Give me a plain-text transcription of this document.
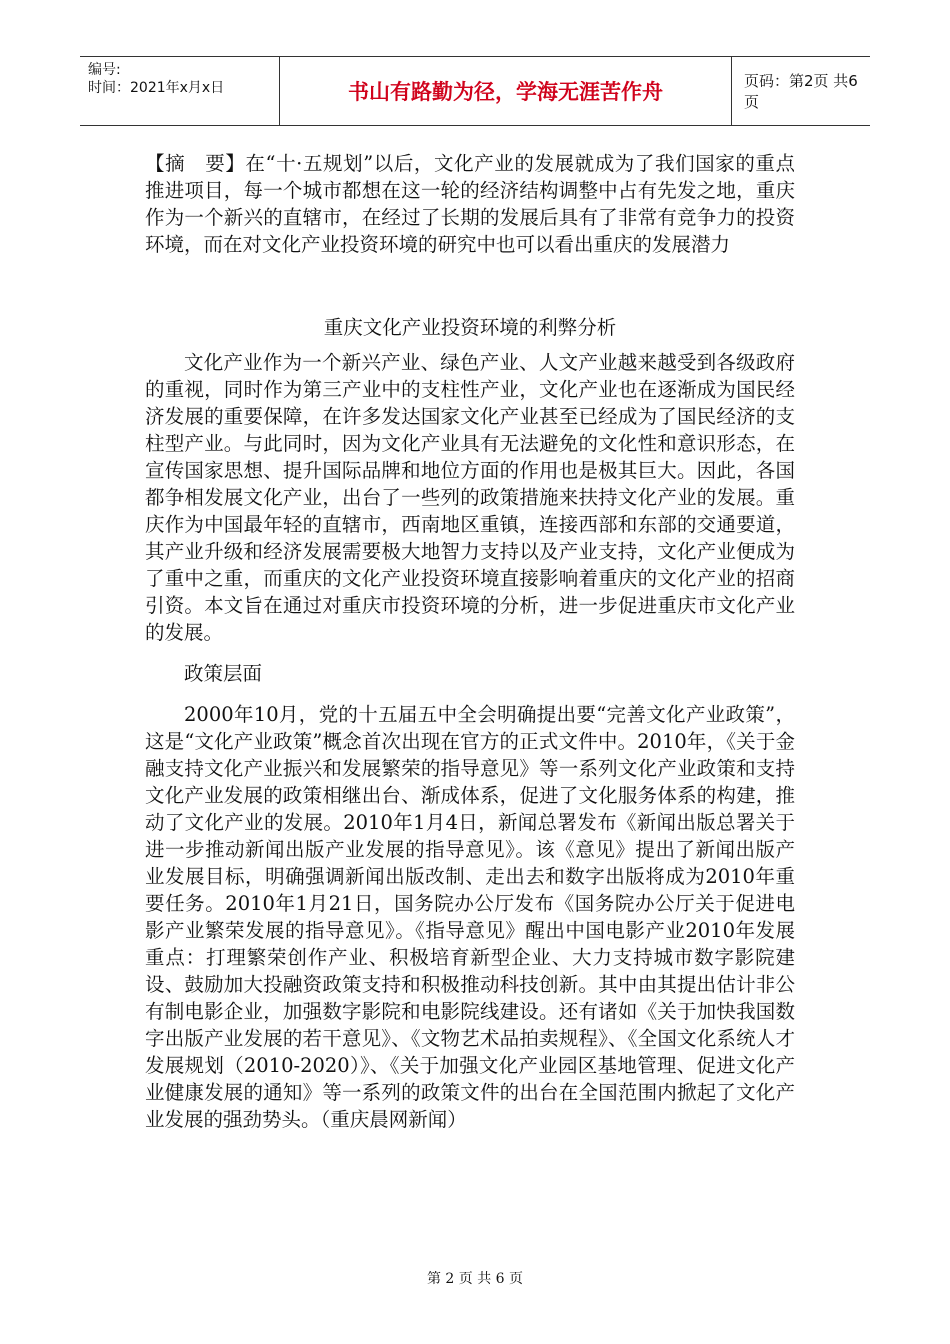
编号:
时间：2021年x月x日	书山有路勤为径，学海无涯苦作舟	页码：第2页 共6页

【摘　要】在“十·五规划”以后，文化产业的发展就成为了我们国家的重点推进项目，每一个城市都想在这一轮的经济结构调整中占有先发之地，重庆作为一个新兴的直辖市，在经过了长期的发展后具有了非常有竞争力的投资环境，而在对文化产业投资环境的研究中也可以看出重庆的发展潜力

重庆文化产业投资环境的利弊分析

文化产业作为一个新兴产业、绿色产业、人文产业越来越受到各级政府的重视，同时作为第三产业中的支柱性产业，文化产业也在逐渐成为国民经济发展的重要保障，在许多发达国家文化产业甚至已经成为了国民经济的支柱型产业。与此同时，因为文化产业具有无法避免的文化性和意识形态，在宣传国家思想、提升国际品牌和地位方面的作用也是极其巨大。因此，各国都争相发展文化产业，出台了一些列的政策措施来扶持文化产业的发展。重庆作为中国最年轻的直辖市，西南地区重镇，连接西部和东部的交通要道，其产业升级和经济发展需要极大地智力支持以及产业支持，文化产业便成为了重中之重，而重庆的文化产业投资环境直接影响着重庆的文化产业的招商引资。本文旨在通过对重庆市投资环境的分析，进一步促进重庆市文化产业的发展。

政策层面

2000年10月，党的十五届五中全会明确提出要“完善文化产业政策”，这是“文化产业政策”概念首次出现在官方的正式文件中。2010年，《关于金融支持文化产业振兴和发展繁荣的指导意见》等一系列文化产业政策和支持文化产业发展的政策相继出台、渐成体系，促进了文化服务体系的构建，推动了文化产业的发展。2010年1月4日，新闻总署发布《新闻出版总署关于进一步推动新闻出版产业发展的指导意见》。该《意见》提出了新闻出版产业发展目标，明确强调新闻出版改制、走出去和数字出版将成为2010年重要任务。2010年1月21日，国务院办公厅发布《国务院办公厅关于促进电影产业繁荣发展的指导意见》。《指导意见》醒出中国电影产业2010年发展重点：打理繁荣创作产业、积极培育新型企业、大力支持城市数字影院建设、鼓励加大投融资政策支持和积极推动科技创新。其中由其提出估计非公有制电影企业，加强数字影院和电影院线建设。还有诸如《关于加快我国数字出版产业发展的若干意见》、《文物艺术品拍卖规程》、《全国文化系统人才发展规划（2010-2020）》、《关于加强文化产业园区基地管理、促进文化产业健康发展的通知》等一系列的政策文件的出台在全国范围内掀起了文化产业发展的强劲势头。（重庆晨网新闻）

第 2 页 共 6 页
